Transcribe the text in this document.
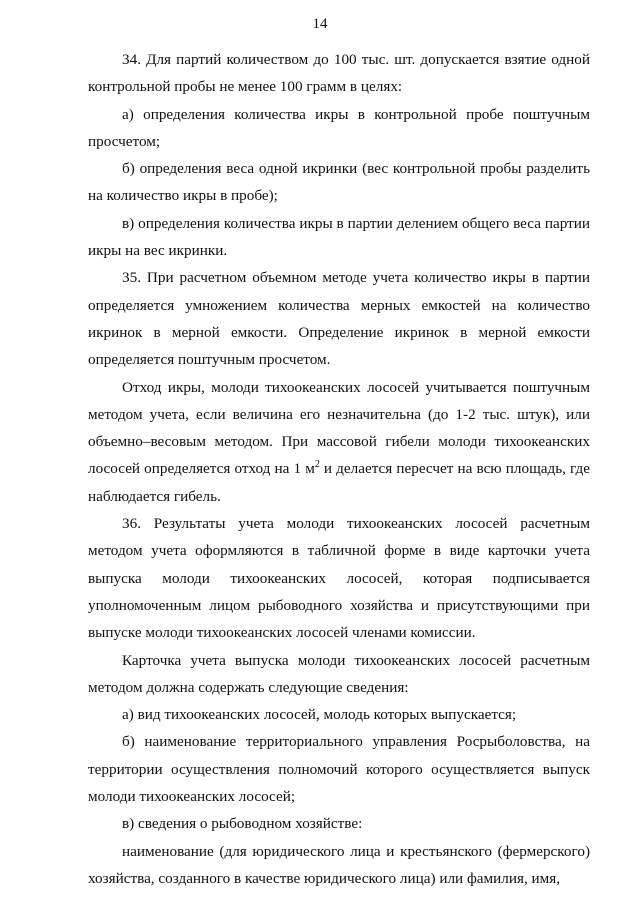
14

34. Для партий количеством до 100 тыс. шт. допускается взятие одной контрольной пробы не менее 100 грамм в целях:

а) определения количества икры в контрольной пробе поштучным просчетом;

б) определения веса одной икринки (вес контрольной пробы разделить на количество икры в пробе);

в) определения количества икры в партии делением общего веса партии икры на вес икринки.

35. При расчетном объемном методе учета количество икры в партии определяется умножением количества мерных емкостей на количество икринок в мерной емкости. Определение икринок в мерной емкости определяется поштучным просчетом.

Отход икры, молоди тихоокеанских лососей учитывается поштучным методом учета, если величина его незначительна (до 1-2 тыс. штук), или объемно–весовым методом. При массовой гибели молоди тихоокеанских лососей определяется отход на 1 $м^2$ и делается пересчет на всю площадь, где наблюдается гибель.

36. Результаты учета молоди тихоокеанских лососей расчетным методом учета оформляются в табличной форме в виде карточки учета выпуска молоди тихоокеанских лососей, которая подписывается уполномоченным лицом рыбоводного хозяйства и присутствующими при выпуске молоди тихоокеанских лососей членами комиссии.

Карточка учета выпуска молоди тихоокеанских лососей расчетным методом должна содержать следующие сведения:

а) вид тихоокеанских лососей, молодь которых выпускается;

б) наименование территориального управления Росрыболовства, на территории осуществления полномочий которого осуществляется выпуск молоди тихоокеанских лососей;

в) сведения о рыбоводном хозяйстве:

наименование (для юридического лица и крестьянского (фермерского) хозяйства, созданного в качестве юридического лица) или фамилия, имя,
